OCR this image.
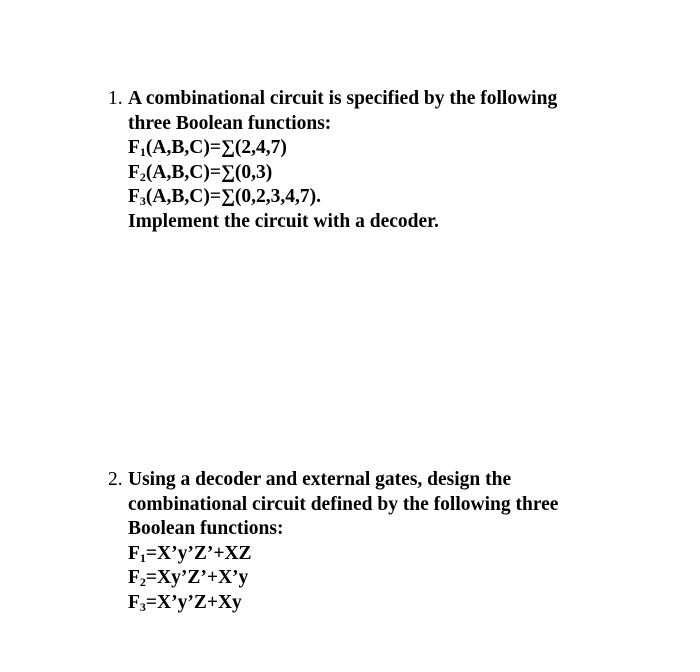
1. A combinational circuit is specified by the following
three Boolean functions:
$F_1(A,B,C)=\sum(2,4,7)$
$F_2(A,B,C)=\sum(0,3)$
$F_3(A,B,C)=\sum(0,2,3,4,7)$.
Implement the circuit with a decoder.
2. Using a decoder and external gates, design the
combinational circuit defined by the following three
Boolean functions:
$F_1=X’y’Z’+XZ$
$F_2=Xy’Z’+X’y$
$F_3=X’y’Z+Xy$
